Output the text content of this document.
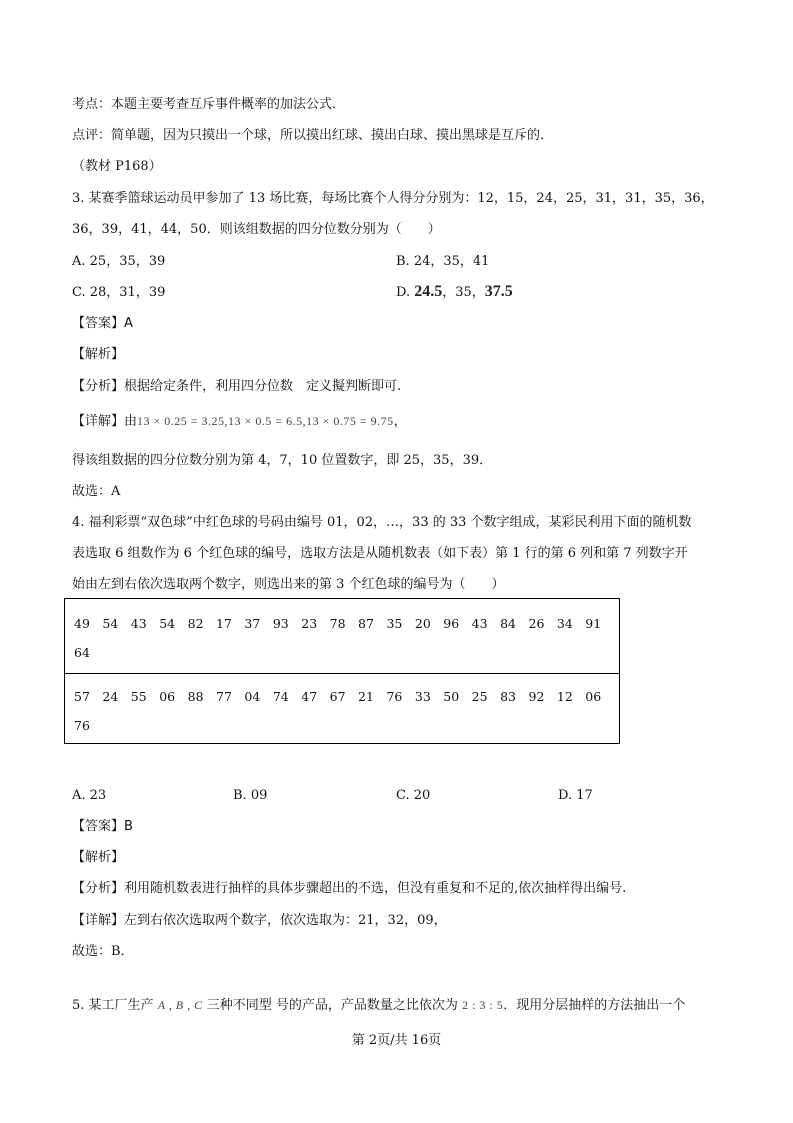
考点：本题主要考查互斥事件概率的加法公式．
点评：简单题，因为只摸出一个球，所以摸出红球、摸出白球、摸出黑球是互斥的．
（教材 P168）
3. 某赛季篮球运动员甲参加了 13 场比赛，每场比赛个人得分分别为：12，15，24，25，31，31，35，36，
36，39，41，44，50．则该组数据的四分位数分别为（　　）
A. 25，35，39	B. 24，35，41
C. 28，31，39	D. 24.5，35，37.5
【答案】A
【解析】
【分析】根据给定条件，利用四分位数　定义擬判断即可.
【详解】由13 × 0.25 = 3.25,13 × 0.5 = 6.5,13 × 0.75 = 9.75，
得该组数据的四分位数分别为第 4，7，10 位置数字，即 25，35，39．
故选：A
4. 福利彩票“双色球”中红色球的号码由编号 01，02，…，33 的 33 个数字组成，某彩民利用下面的随机数
表选取 6 组数作为 6 个红色球的编号，选取方法是从随机数表（如下表）第 1 行的第 6 列和第 7 列数字开
始由左到右依次选取两个数字，则选出来的第 3 个红色球的编号为（　　）
49　54　43　54　82　17　37　93　23　78　87　35　20　96　43　84　26　34　91
64
57　24　55　06　88　77　04　74　47　67　21　76　33　50　25　83　92　12　06
76
A. 23	B. 09	C. 20	D. 17
【答案】B
【解析】
【分析】利用随机数表进行抽样的具体步骤超出的不选，但没有重复和不足的,依次抽样得出编号.
【详解】左到右依次选取两个数字，依次选取为：21，32，09，
故选：B．
5. 某工厂生产 A , B , C 三种不同型 号的产品，产品数量之比依次为 2 : 3 : 5．现用分层抽样的方法抽出一个
第 2页/共 16页
